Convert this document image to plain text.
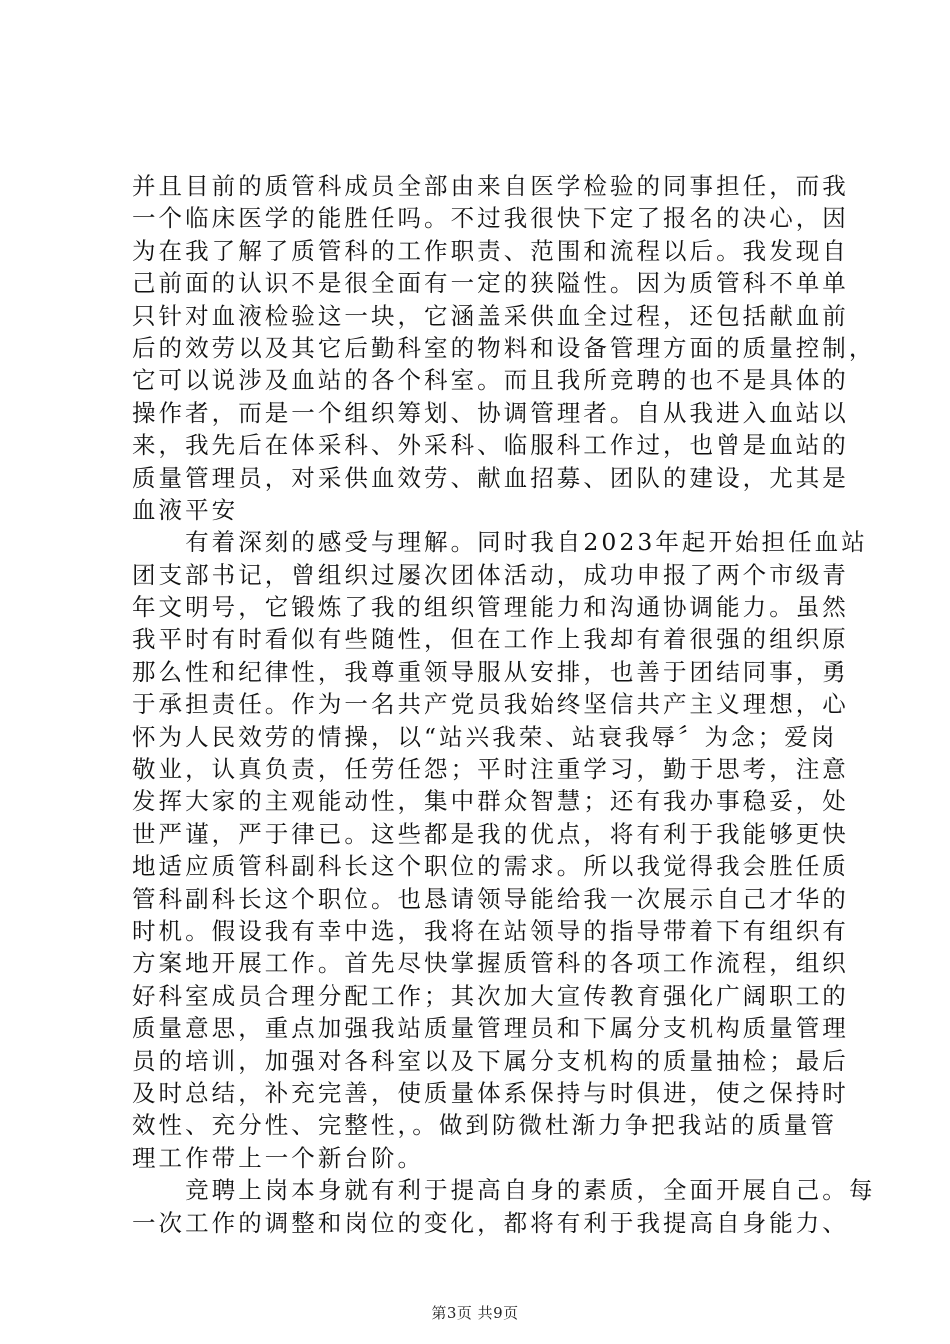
并且目前的质管科成员全部由来自医学检验的同事担任，而我
一个临床医学的能胜任吗。不过我很快下定了报名的决心，因
为在我了解了质管科的工作职责、范围和流程以后。我发现自
己前面的认识不是很全面有一定的狭隘性。因为质管科不单单
只针对血液检验这一块，它涵盖采供血全过程，还包括献血前
后的效劳以及其它后勤科室的物料和设备管理方面的质量控制，
它可以说涉及血站的各个科室。而且我所竞聘的也不是具体的
操作者，而是一个组织筹划、协调管理者。自从我进入血站以
来，我先后在体采科、外采科、临服科工作过，也曾是血站的
质量管理员，对采供血效劳、献血招募、团队的建设，尤其是
血液平安
　　有着深刻的感受与理解。同时我自2023年起开始担任血站
团支部书记，曾组织过屡次团体活动，成功申报了两个市级青
年文明号，它锻炼了我的组织管理能力和沟通协调能力。虽然
我平时有时看似有些随性，但在工作上我却有着很强的组织原
那么性和纪律性，我尊重领导服从安排，也善于团结同事，勇
于承担责任。作为一名共产党员我始终坚信共产主义理想，心
怀为人民效劳的情操，以“站兴我荣、站衰我辱〞为念；爱岗
敬业，认真负责，任劳任怨；平时注重学习，勤于思考，注意
发挥大家的主观能动性，集中群众智慧；还有我办事稳妥，处
世严谨，严于律已。这些都是我的优点，将有利于我能够更快
地适应质管科副科长这个职位的需求。所以我觉得我会胜任质
管科副科长这个职位。也恳请领导能给我一次展示自己才华的
时机。假设我有幸中选，我将在站领导的指导带着下有组织有
方案地开展工作。首先尽快掌握质管科的各项工作流程，组织
好科室成员合理分配工作；其次加大宣传教育强化广阔职工的
质量意思，重点加强我站质量管理员和下属分支机构质量管理
员的培训，加强对各科室以及下属分支机构的质量抽检；最后
及时总结，补充完善，使质量体系保持与时俱进，使之保持时
效性、充分性、完整性，。做到防微杜渐力争把我站的质量管
理工作带上一个新台阶。
　　竞聘上岗本身就有利于提高自身的素质，全面开展自己。每
一次工作的调整和岗位的变化，都将有利于我提高自身能力、
第3页 共9页
